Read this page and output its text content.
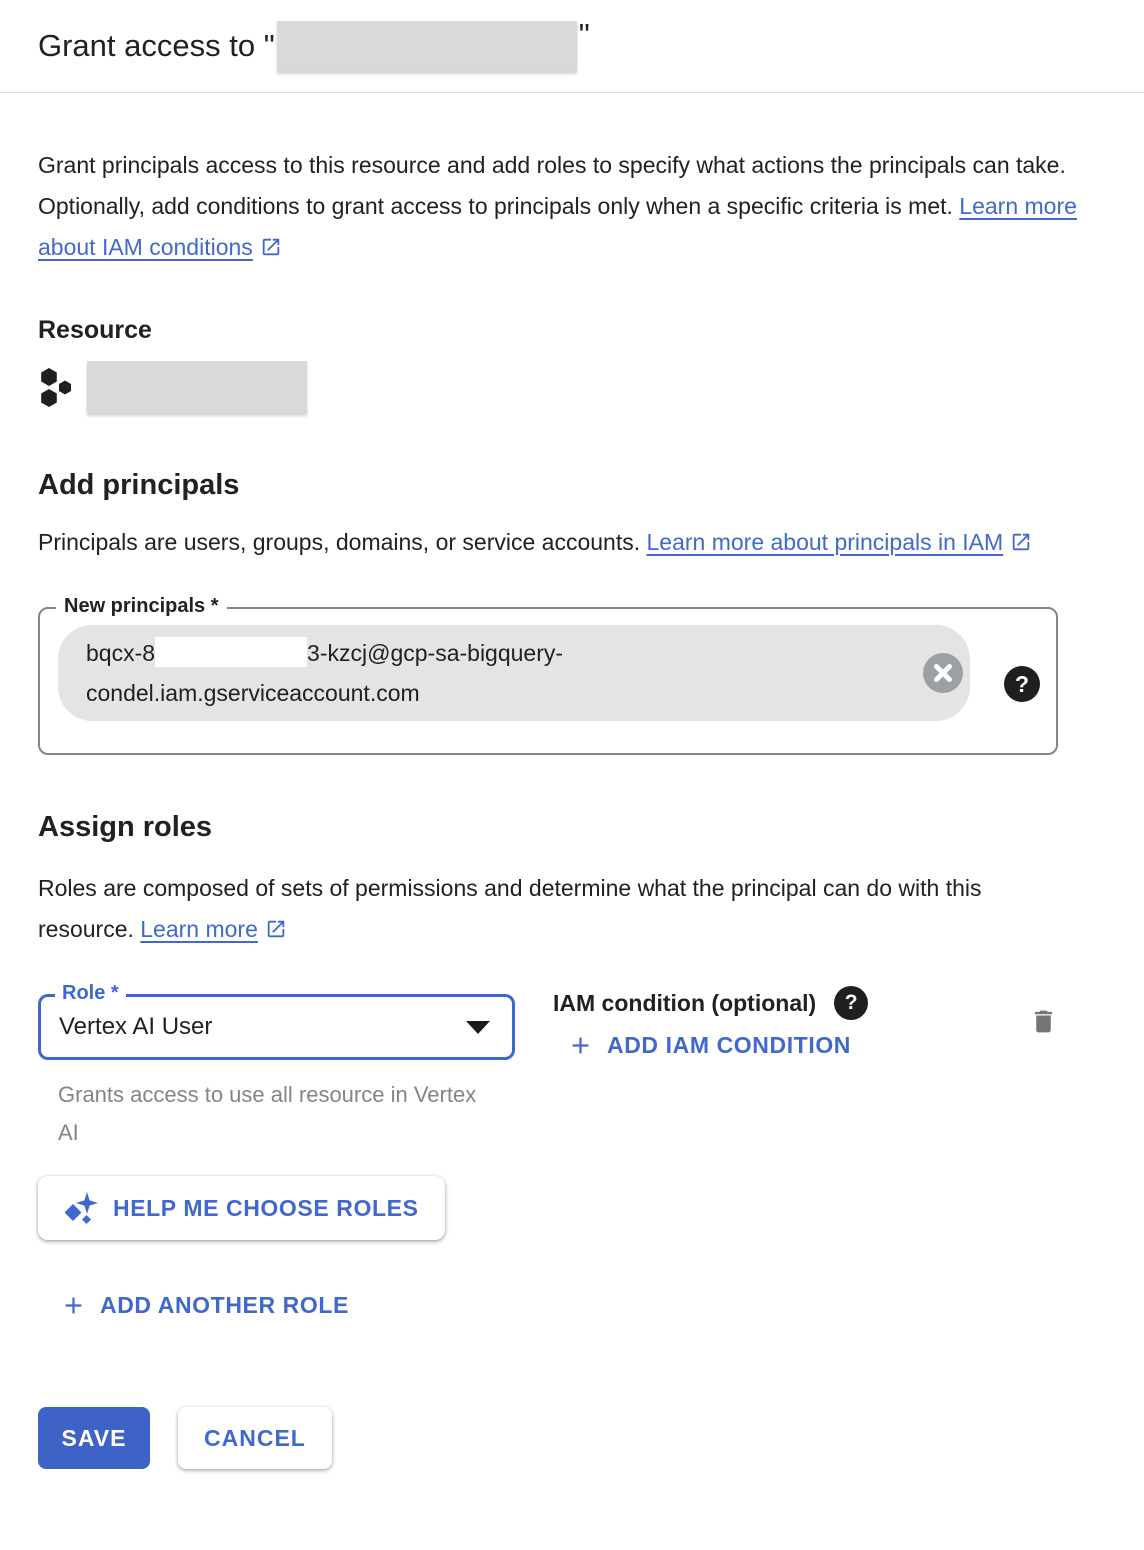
Grant access to "	"

Grant principals access to this resource and add roles to specify what actions the principals can take. Optionally, add conditions to grant access to principals only when a specific criteria is met. Learn more about IAM conditions

Resource
Add principals

Principals are users, groups, domains, or service accounts. Learn more about principals in IAM

New principals *
bqcx-8	3-kzcj@gcp-sa-bigquery-
condel.iam.gserviceaccount.com
?
Assign roles

Roles are composed of sets of permissions and determine what the principal can do with this resource. Learn more

Role *
Vertex AI User
Grants access to use all resource in Vertex AI
IAM condition (optional)
?
ADD IAM CONDITION
HELP ME CHOOSE ROLES
ADD ANOTHER ROLE
SAVE	CANCEL
